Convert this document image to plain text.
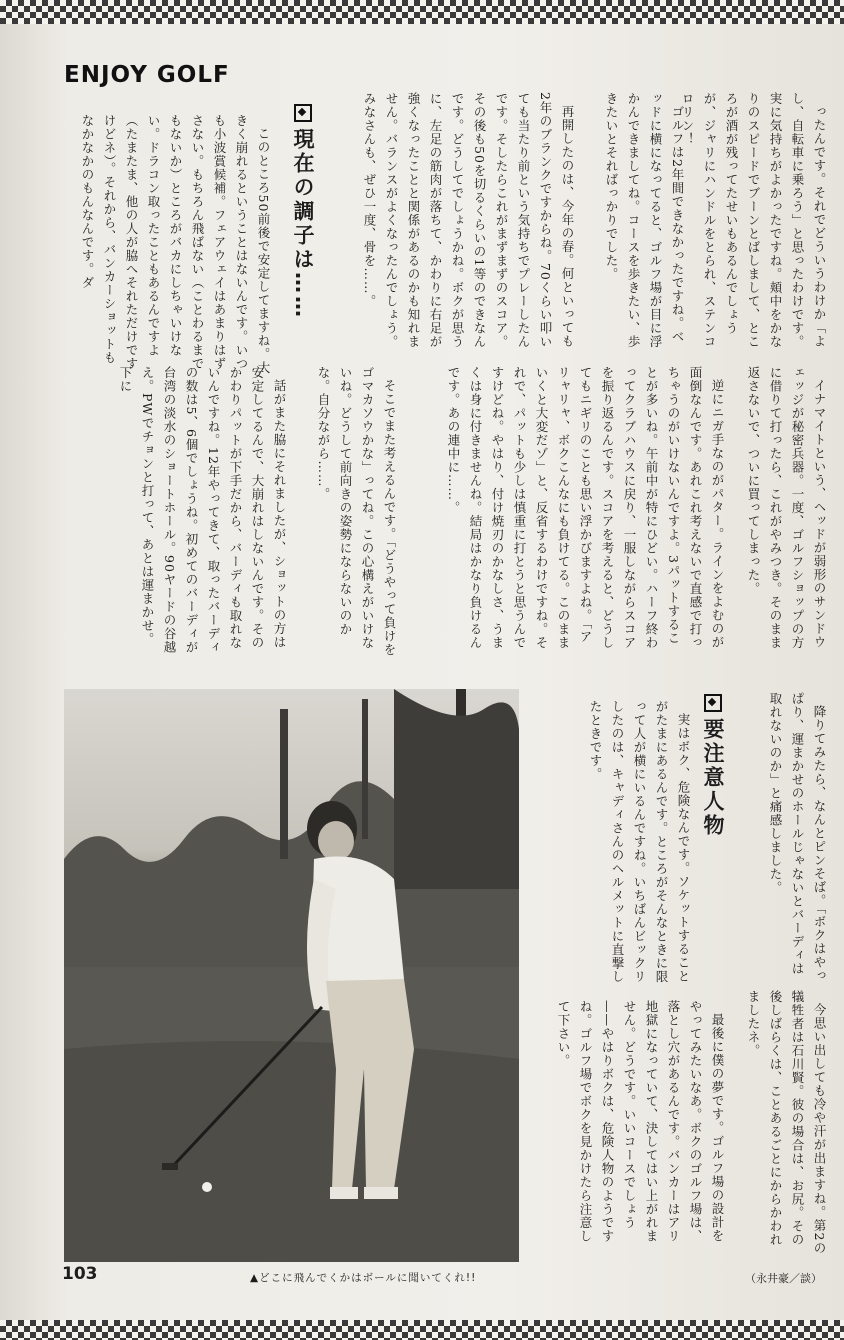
ENJOY GOLF

ったんです。それでどういうわけか「よし、自転車に乗ろう」と思ったわけです。実に気持ちがよかったですね。頬中をかなりのスピードでブーンとばしまして、ところが酒が残ってたせいもあるんでしょうが、ジャリにハンドルをとられ、ステンコロリン！

ゴルフは2年間できなかったですね。ベッドに横になってると、ゴルフ場が目に浮かんできましてね。コースを歩きたい、歩きたいとそればっかりでした。

再開したのは、今年の春。何といっても2年のブランクですからね。70くらい叩いても当たり前という気持ちでプレーしたんです。そしたらこれがまずまずのスコア。その後も50を切るくらいの1等のできなんです。どうしてでしょうかね。ボクが思うに、左足の筋肉が落ちて、かわりに右足が強くなったことと関係があるのかも知れません。バランスがよくなったんでしょう。みなさんも、ぜひ一度、骨を……。

現在の調子は……

このところ50前後で安定してますね。大きく崩れるということはないんです。いつも小波賞候補。フェアウェイはあまりはずさない。もちろん飛ばない（ことわるまでもないか）ところがバカにしちゃいけない。ドラコン取ったこともあるんですよ（たまたま、他の人が脇へそれただけですけどネ）。それから、バンカーショットもなかなかのもんなんです。ダ

イナマイトという、ヘッドが弱形のサンドウェッジが秘密兵器。一度、ゴルフショップの方に借りて打ったら、これがやみつき。そのまま返さないで、ついに買ってしまった。

逆にニガ手なのがパター。ラインをよむのが面倒なんです。あれこれ考えないで直感で打っちゃうのがいけないんですよ。3パットすることが多いね。午前中が特にひどい。ハーフ終わってクラブハウスに戻り、一服しながらスコアを振り返るんです。スコアを考えると、どうしてもニギリのことも思い浮かびますよね。「アリャリャ、ボクこんなにも負けてる。このままいくと大変だゾ」と、反省するわけですね。それで、パットも少しは慎重に打とうと思うんですけどね。やはり、付け焼刃のかなしさ、うまくは身に付きませんね。結局はかなり負けるんです。あの連中に……。

そこでまた考えるんです。「どうやって負けをゴマカソウかな」ってね。この心構えがいけないね。どうして前向きの姿勢にならないのかな。自分ながら……。

話がまた脇にそれましたが、ショットの方は安定してるんで、大崩れはしないんです。そのかわりパットが下手だから、バーディも取れないんですね。12年やってきて、取ったバーディの数は5、6個でしょうね。初めてのバーディが台湾の淡水のショートホール。90ヤードの谷越え。PWでチョンと打って、あとは運まかせ。下に

降りてみたら、なんとピンそば。「ボクはやっぱり、運まかせのホールじゃないとバーディは取れないのか」と痛感しました。

要注意人物

実はボク、危険なんです。ソケットすることがたまにあるんです。ところがそんなときに限って人が横にいるんですね。いちばんビックリしたのは、キャディさんのヘルメットに直撃したときです。

今思い出しても冷や汗が出ますね。第2の犠牲者は石川賢。彼の場合は、お尻。その後しばらくは、ことあるごとにからかわれましたネ。

最後に僕の夢です。ゴルフ場の設計をやってみたいなあ。ボクのゴルフ場は、落とし穴があるんです。バンカーはアリ地獄になっていて、決してはい上がれません。どうです。いいコースでしょう——やはりボクは、危険人物のようですね。ゴルフ場でボクを見かけたら注意して下さい。

103	▲どこに飛んでくかはボールに聞いてくれ!!	（永井豪／談）
